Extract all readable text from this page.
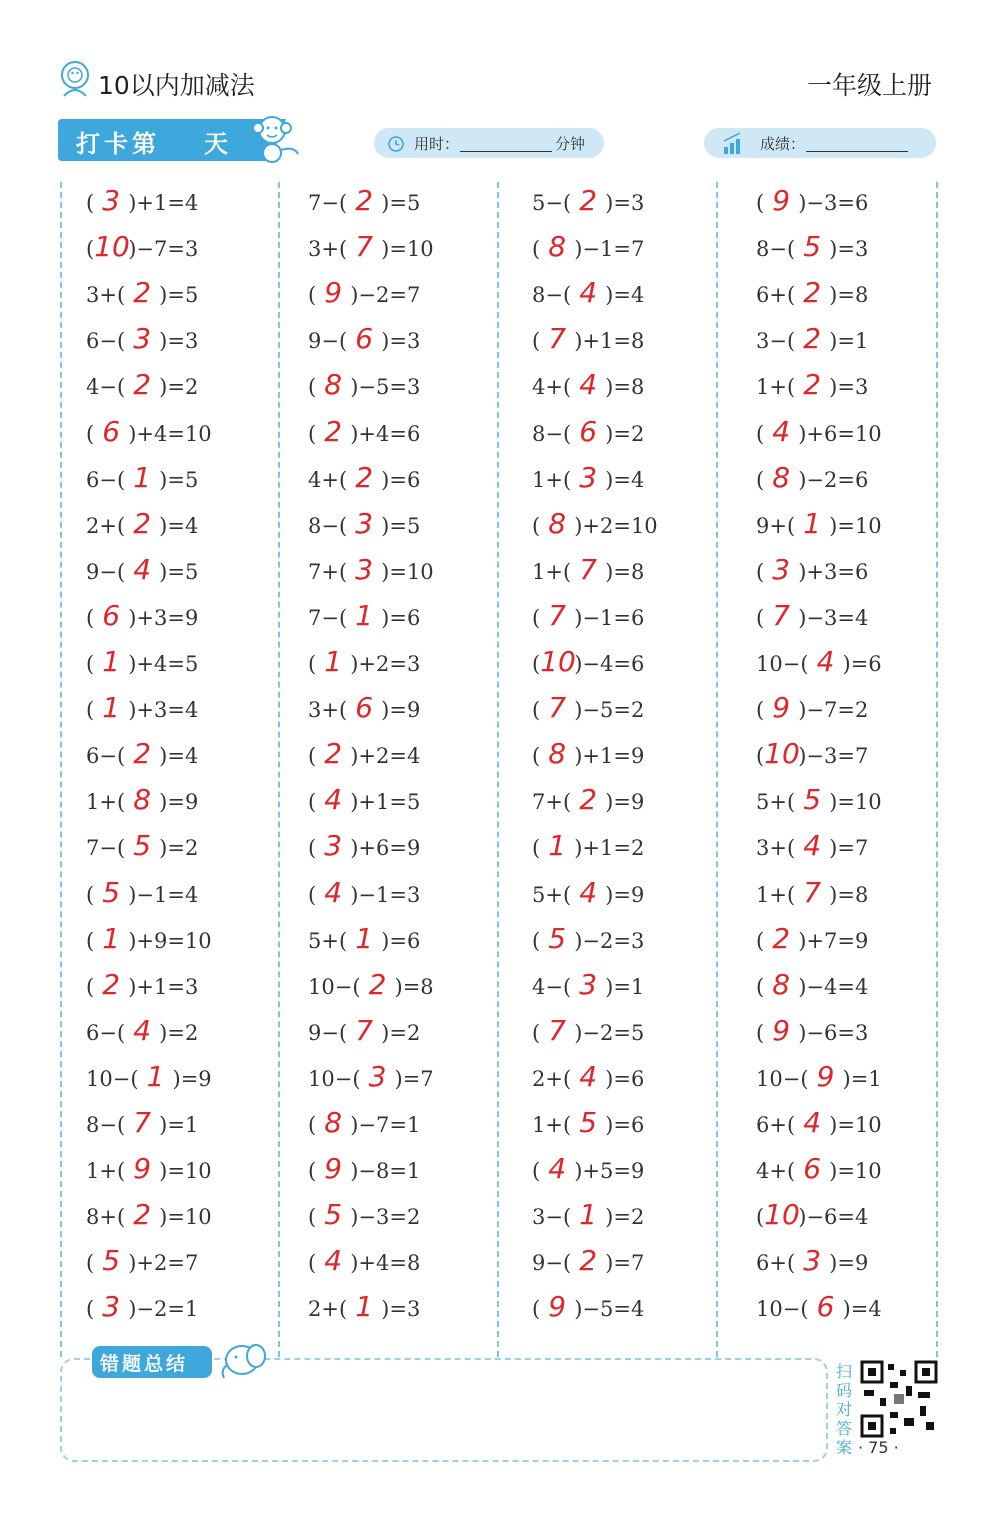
10以内加减法	一年级上册
打卡第 天	用时：	分钟	成绩：
( 3 )+1=4
(10)−7=3
3+( 2 )=5
6−( 3 )=3
4−( 2 )=2
( 6 )+4=10
6−( 1 )=5
2+( 2 )=4
9−( 4 )=5
( 6 )+3=9
( 1 )+4=5
( 1 )+3=4
6−( 2 )=4
1+( 8 )=9
7−( 5 )=2
( 5 )−1=4
( 1 )+9=10
( 2 )+1=3
6−( 4 )=2
10−( 1 )=9
8−( 7 )=1
1+( 9 )=10
8+( 2 )=10
( 5 )+2=7
( 3 )−2=1
7−( 2 )=5
3+( 7 )=10
( 9 )−2=7
9−( 6 )=3
( 8 )−5=3
( 2 )+4=6
4+( 2 )=6
8−( 3 )=5
7+( 3 )=10
7−( 1 )=6
( 1 )+2=3
3+( 6 )=9
( 2 )+2=4
( 4 )+1=5
( 3 )+6=9
( 4 )−1=3
5+( 1 )=6
10−( 2 )=8
9−( 7 )=2
10−( 3 )=7
( 8 )−7=1
( 9 )−8=1
( 5 )−3=2
( 4 )+4=8
2+( 1 )=3
5−( 2 )=3
( 8 )−1=7
8−( 4 )=4
( 7 )+1=8
4+( 4 )=8
8−( 6 )=2
1+( 3 )=4
( 8 )+2=10
1+( 7 )=8
( 7 )−1=6
(10)−4=6
( 7 )−5=2
( 8 )+1=9
7+( 2 )=9
( 1 )+1=2
5+( 4 )=9
( 5 )−2=3
4−( 3 )=1
( 7 )−2=5
2+( 4 )=6
1+( 5 )=6
( 4 )+5=9
3−( 1 )=2
9−( 2 )=7
( 9 )−5=4
( 9 )−3=6
8−( 5 )=3
6+( 2 )=8
3−( 2 )=1
1+( 2 )=3
( 4 )+6=10
( 8 )−2=6
9+( 1 )=10
( 3 )+3=6
( 7 )−3=4
10−( 4 )=6
( 9 )−7=2
(10)−3=7
5+( 5 )=10
3+( 4 )=7
1+( 7 )=8
( 2 )+7=9
( 8 )−4=4
( 9 )−6=3
10−( 9 )=1
6+( 4 )=10
4+( 6 )=10
(10)−6=4
6+( 3 )=9
10−( 6 )=4
错题总结	扫码对答案 · 75 ·
